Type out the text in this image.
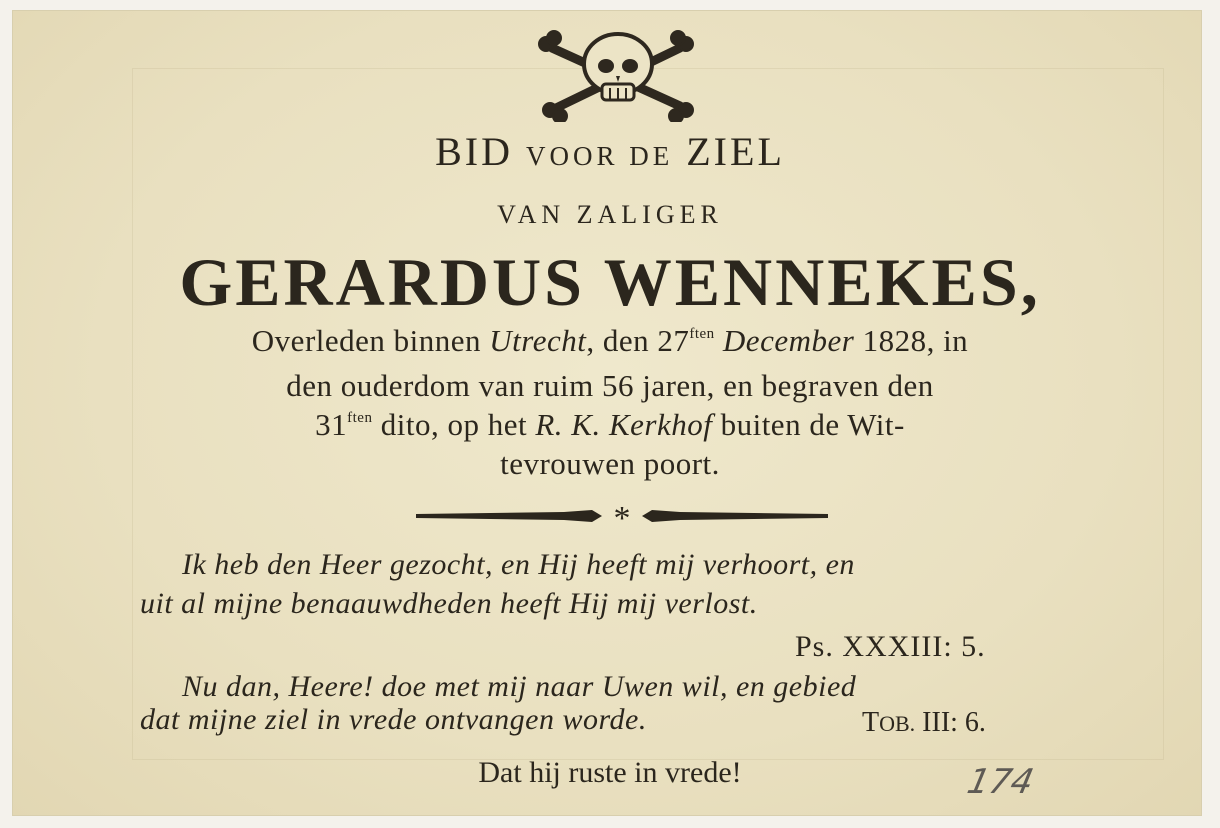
BID VOOR DE ZIEL
VAN ZALIGER
GERARDUS WENNEKES,
Overleden binnen Utrecht, den $27^{ften}$ December 1828, in
den ouderdom van ruim 56 jaren, en begraven den
$31^{ften}$ dito, op het R. K. Kerkhof buiten de Wit-
tevrouwen poort.
*
Ik heb den Heer gezocht, en Hij heeft mij verhoort, en
uit al mijne benaauwdheden heeft Hij mij verlost.
Ps. XXXIII: 5.
Nu dan, Heere! doe met mij naar Uwen wil, en gebied
dat mijne ziel in vrede ontvangen worde.	TOB. III: 6.
Dat hij ruste in vrede!	174
